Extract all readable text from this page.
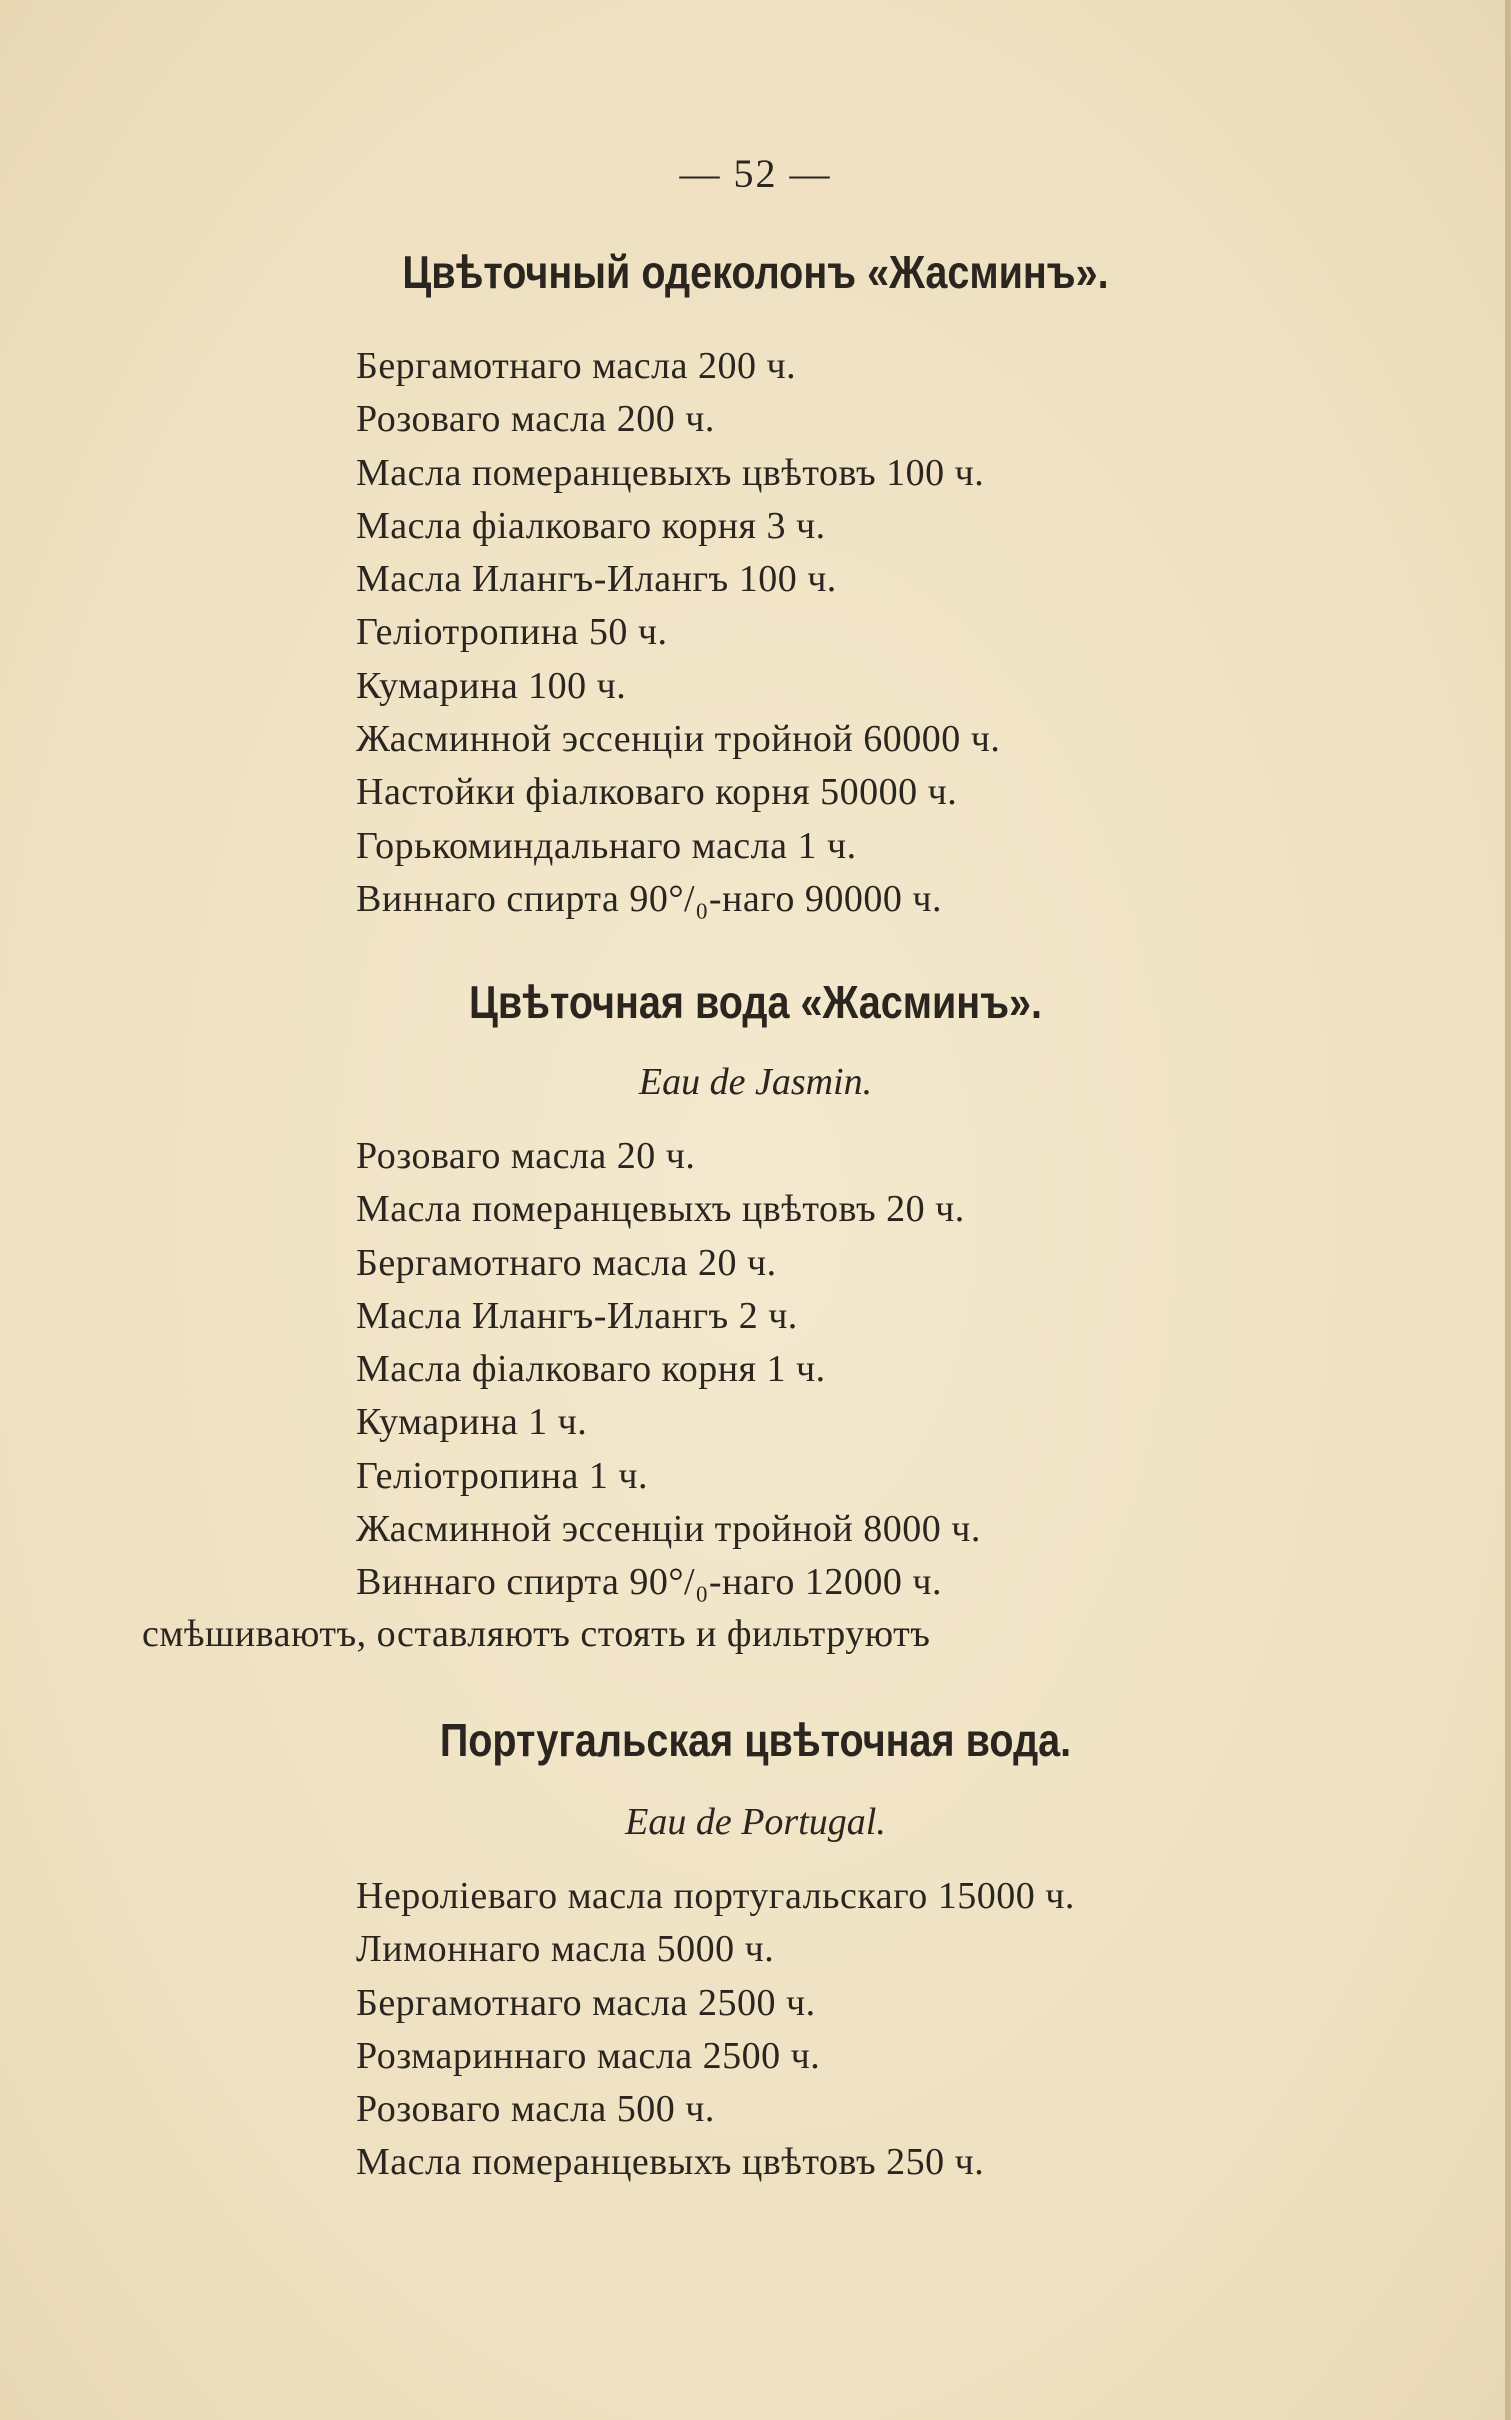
— 52 —
Цвѣточный одеколонъ «Жасминъ».
Бергамотнаго масла 200 ч.
Розоваго масла 200 ч.
Масла померанцевыхъ цвѣтовъ 100 ч.
Масла фіалковаго корня 3 ч.
Масла Илангъ-Илангъ 100 ч.
Геліотропина 50 ч.
Кумарина 100 ч.
Жасминной эссенціи тройной 60000 ч.
Настойки фіалковаго корня 50000 ч.
Горькоминдальнаго масла 1 ч.
Виннаго спирта 90°/₀-наго 90000 ч.
Цвѣточная вода «Жасминъ».
Eau de Jasmin.
Розоваго масла 20 ч.
Масла померанцевыхъ цвѣтовъ 20 ч.
Бергамотнаго масла 20 ч.
Масла Илангъ-Илангъ 2 ч.
Масла фіалковаго корня 1 ч.
Кумарина 1 ч.
Геліотропина 1 ч.
Жасминной эссенціи тройной 8000 ч.
Виннаго спирта 90°/₀-наго 12000 ч.
смѣшиваютъ, оставляютъ стоять и фильтруютъ
Португальская цвѣточная вода.
Eau de Portugal.
Нероліеваго масла португальскаго 15000 ч.
Лимоннаго масла 5000 ч.
Бергамотнаго масла 2500 ч.
Розмариннаго масла 2500 ч.
Розоваго масла 500 ч.
Масла померанцевыхъ цвѣтовъ 250 ч.
